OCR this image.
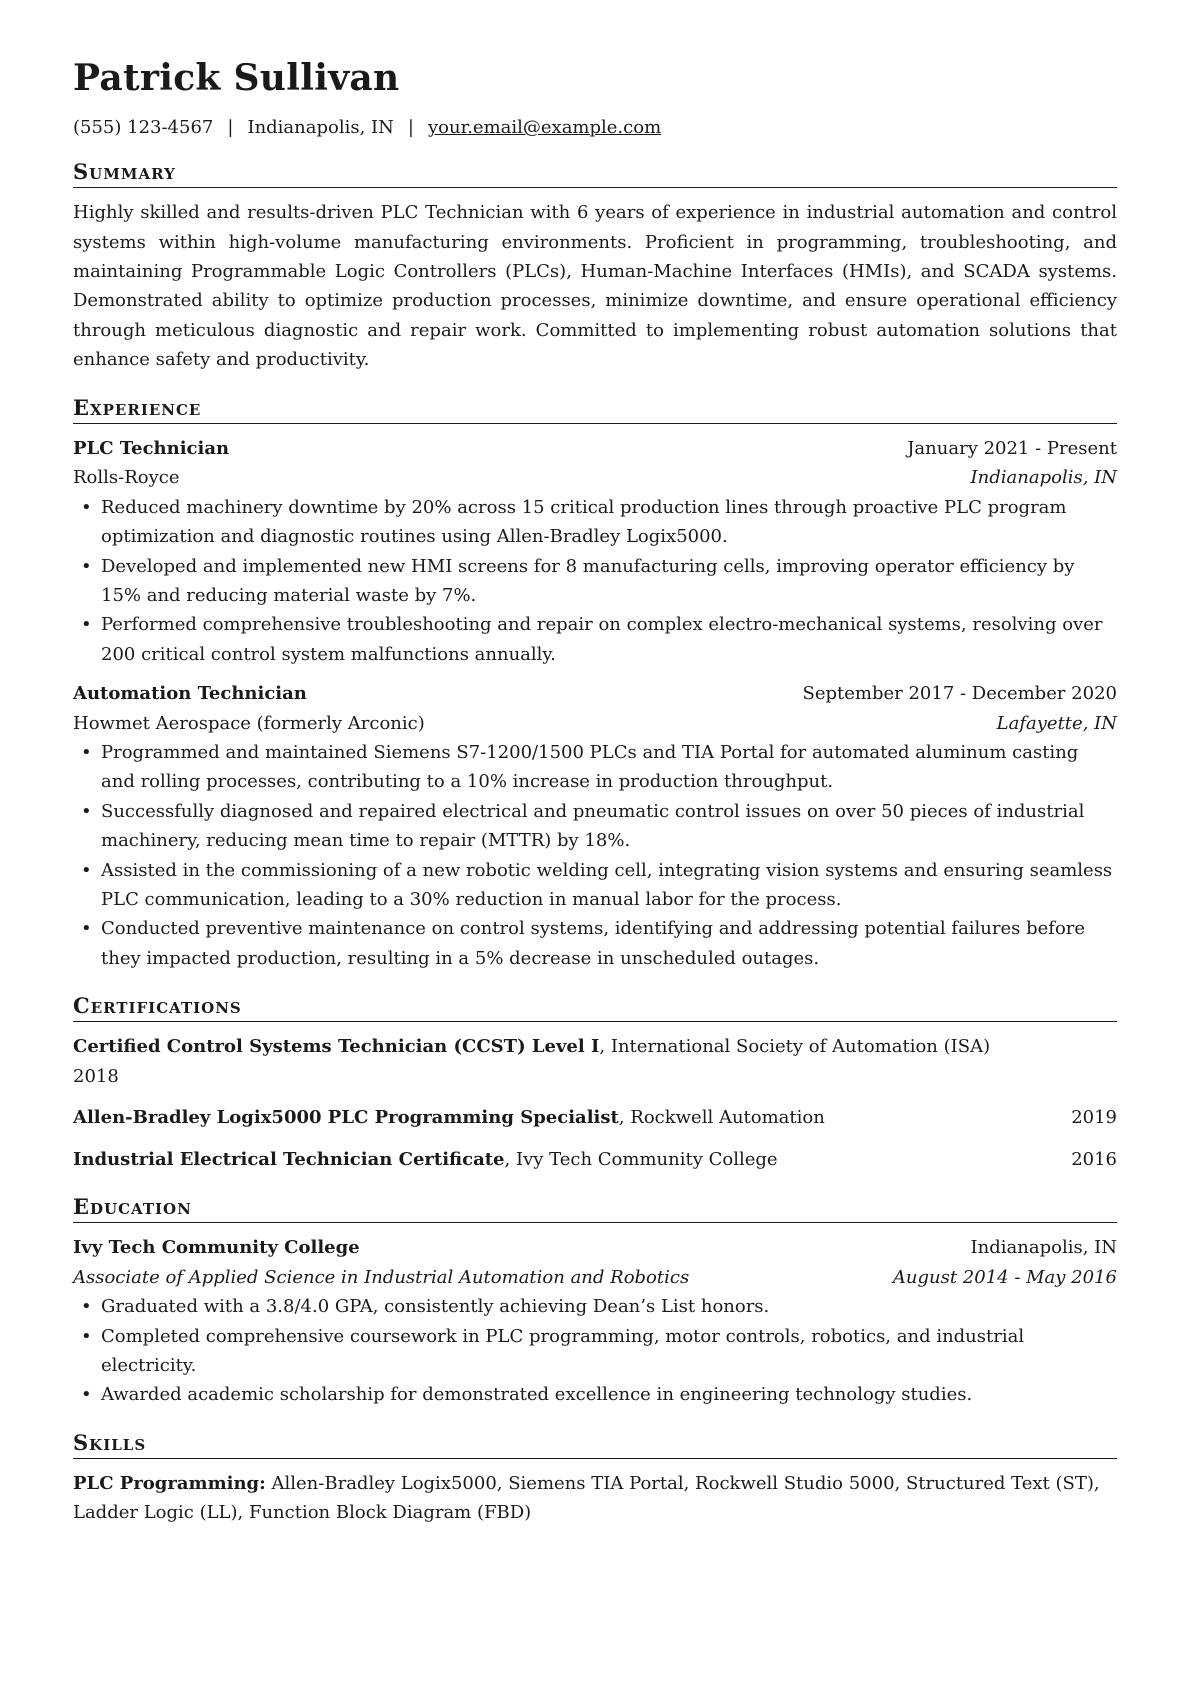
Patrick Sullivan
(555) 123-4567 | Indianapolis, IN | your.email@example.com
Summary

Highly skilled and results-driven PLC Technician with 6 years of experience in industrial automation and control systems within high-volume manufacturing environments. Proficient in programming, troubleshooting, and maintaining Programmable Logic Controllers (PLCs), Human-Machine Interfaces (HMIs), and SCADA systems. Demonstrated ability to optimize production processes, minimize downtime, and ensure operational efficiency through meticulous diagnostic and repair work. Committed to implementing robust automation solutions that enhance safety and productivity.

Experience
PLC Technician	January 2021 - Present
Rolls-Royce	Indianapolis, IN
• Reduced machinery downtime by 20% across 15 critical production lines through proactive PLC program optimization and diagnostic routines using Allen-Bradley Logix5000.
• Developed and implemented new HMI screens for 8 manufacturing cells, improving operator efficiency by 15% and reducing material waste by 7%.
• Performed comprehensive troubleshooting and repair on complex electro-mechanical systems, resolving over 200 critical control system malfunctions annually.
Automation Technician	September 2017 - December 2020
Howmet Aerospace (formerly Arconic)	Lafayette, IN
• Programmed and maintained Siemens S7-1200/1500 PLCs and TIA Portal for automated aluminum casting and rolling processes, contributing to a 10% increase in production throughput.
• Successfully diagnosed and repaired electrical and pneumatic control issues on over 50 pieces of industrial machinery, reducing mean time to repair (MTTR) by 18%.
• Assisted in the commissioning of a new robotic welding cell, integrating vision systems and ensuring seamless PLC communication, leading to a 30% reduction in manual labor for the process.
• Conducted preventive maintenance on control systems, identifying and addressing potential failures before they impacted production, resulting in a 5% decrease in unscheduled outages.
Certifications
Certified Control Systems Technician (CCST) Level I, International Society of Automation (ISA)
2018
Allen-Bradley Logix5000 PLC Programming Specialist, Rockwell Automation	2019
Industrial Electrical Technician Certificate, Ivy Tech Community College	2016
Education
Ivy Tech Community College	Indianapolis, IN
Associate of Applied Science in Industrial Automation and Robotics	August 2014 - May 2016
• Graduated with a 3.8/4.0 GPA, consistently achieving Dean’s List honors.
• Completed comprehensive coursework in PLC programming, motor controls, robotics, and industrial electricity.
• Awarded academic scholarship for demonstrated excellence in engineering technology studies.
Skills

PLC Programming: Allen-Bradley Logix5000, Siemens TIA Portal, Rockwell Studio 5000, Structured Text (ST), Ladder Logic (LL), Function Block Diagram (FBD)
